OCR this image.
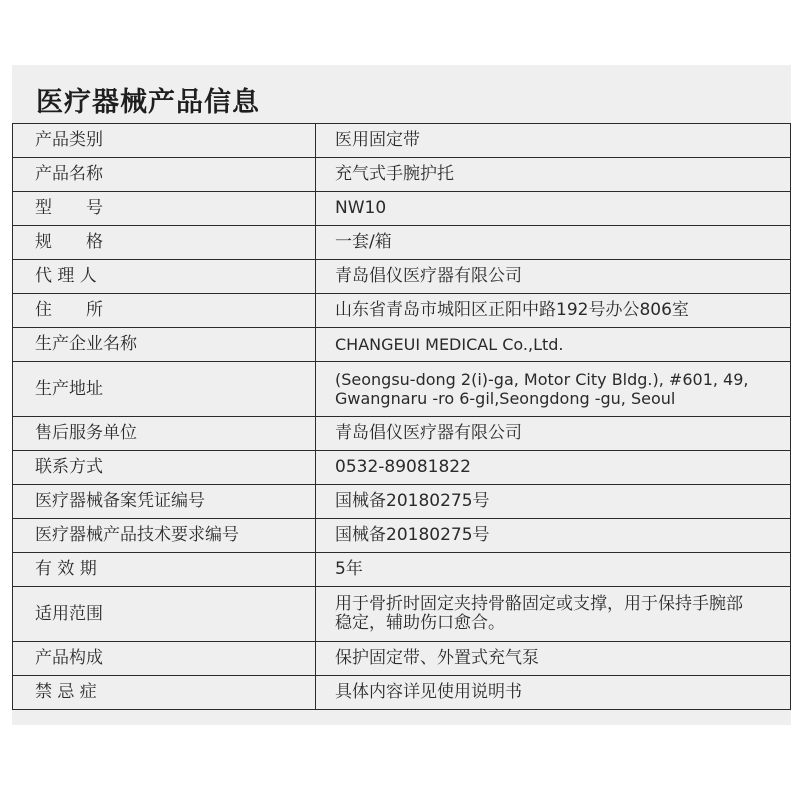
医疗器械产品信息
产品类别	医用固定带

产品名称	充气式手腕护托

型　　号	NW10

规　　格	一套/箱

代 理 人	青岛倡仪医疗器有限公司

住　　所	山东省青岛市城阳区正阳中路192号办公806室

生产企业名称	CHANGEUI MEDICAL Co.,Ltd.

生产地址	(Seongsu-dong 2(i)-ga, Motor City Bldg.), #601, 49,
Gwangnaru -ro 6-gil,Seongdong -gu, Seoul

售后服务单位	青岛倡仪医疗器有限公司

联系方式	0532-89081822

医疗器械备案凭证编号	国械备20180275号

医疗器械产品技术要求编号	国械备20180275号

有 效 期	5年

适用范围	用于骨折时固定夹持骨骼固定或支撑，用于保持手腕部
稳定，辅助伤口愈合。

产品构成	保护固定带、外置式充气泵

禁 忌 症	具体内容详见使用说明书
